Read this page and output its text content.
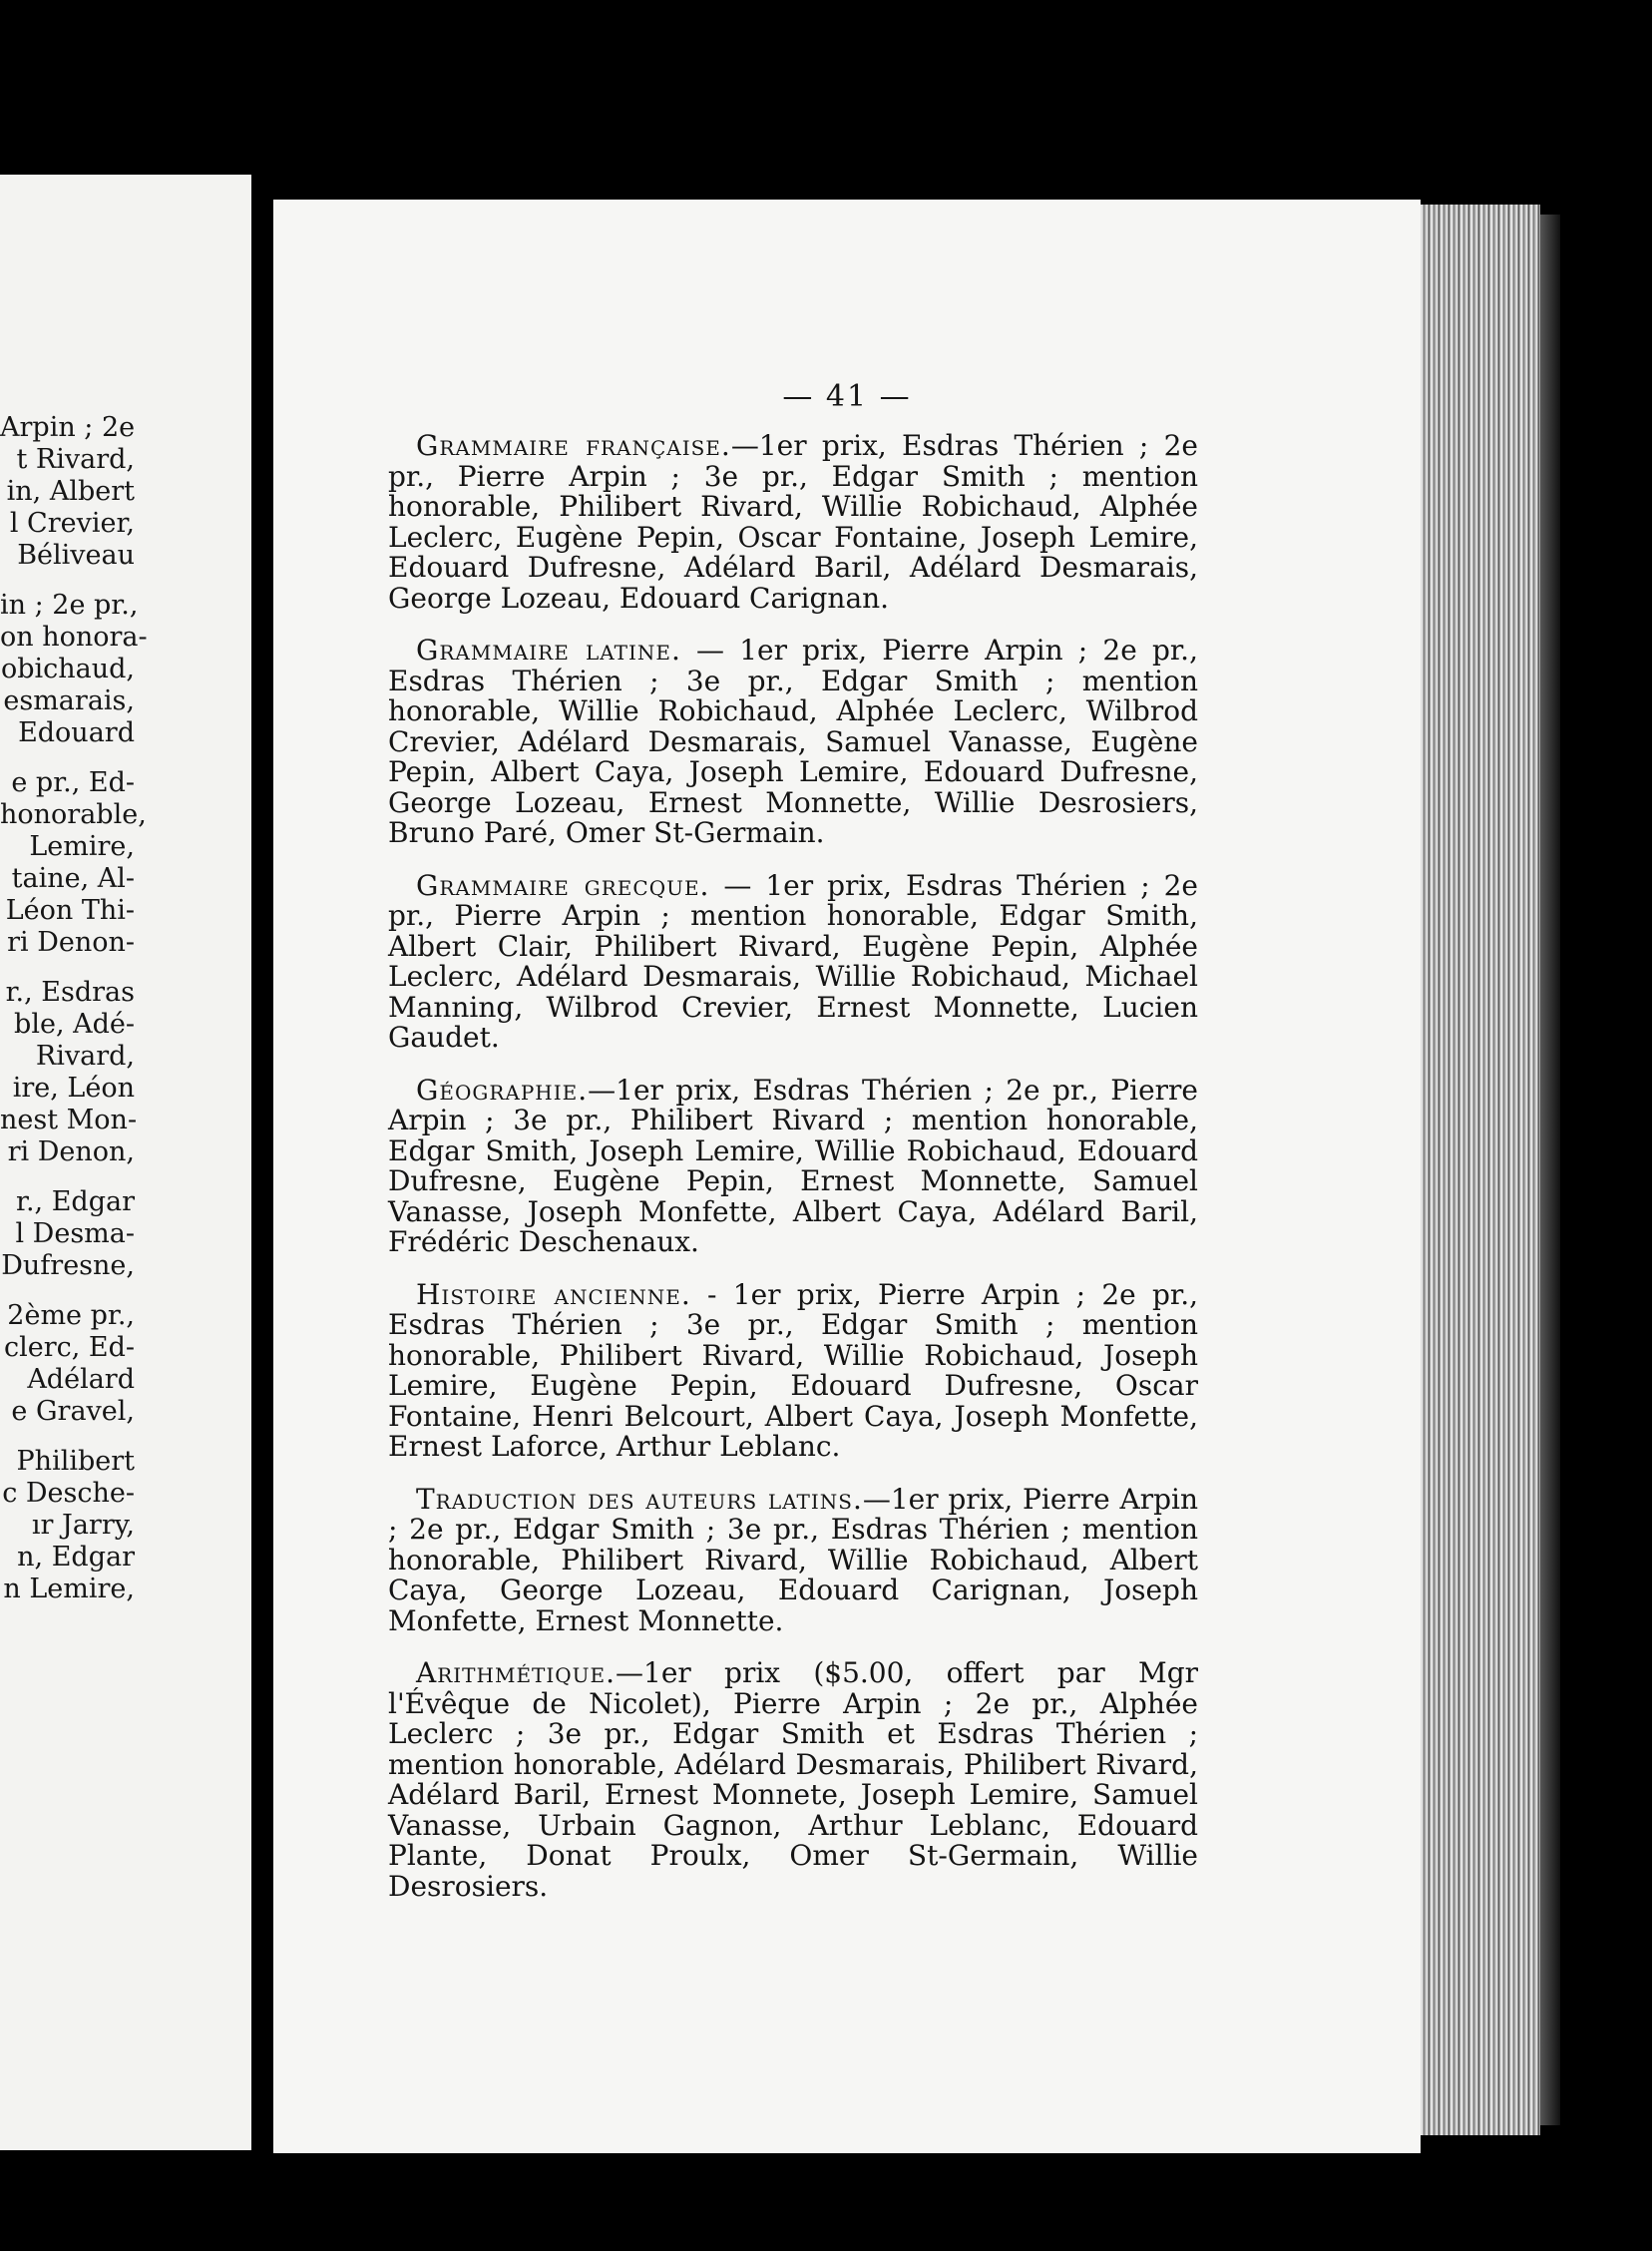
Arpin ; 2e
t Rivard,
in, Albert
l Crevier,
Béliveau
in ; 2e pr.,
on honora-
obichaud,
esmarais,
Edouard
e pr., Ed-
honorable,
Lemire,
taine, Al-
Léon Thi-
ri Denon-
r., Esdras
ble, Adé-
Rivard,
ire, Léon
nest Mon-
ri Denon,
r., Edgar
l Desma-
Dufresne,
2ème pr.,
clerc, Ed-
Adélard
e Gravel,
Philibert
c Desche-
ır Jarry,
n, Edgar
n Lemire,
— 41 —

Grammaire française.—1er prix, Esdras Thérien ; 2e pr., Pierre Arpin ; 3e pr., Edgar Smith ; mention honorable, Philibert Rivard, Willie Robichaud, Alphée Leclerc, Eugène Pepin, Oscar Fontaine, Joseph Lemire, Edouard Dufresne, Adélard Baril, Adélard Desmarais, George Lozeau, Edouard Carignan.

Grammaire latine. — 1er prix, Pierre Arpin ; 2e pr., Esdras Thérien ; 3e pr., Edgar Smith ; mention honorable, Willie Robichaud, Alphée Leclerc, Wilbrod Crevier, Adélard Desmarais, Samuel Vanasse, Eugène Pepin, Albert Caya, Joseph Lemire, Edouard Dufresne, George Lozeau, Ernest Monnette, Willie Desrosiers, Bruno Paré, Omer St-Germain.

Grammaire grecque. — 1er prix, Esdras Thérien ; 2e pr., Pierre Arpin ; mention honorable, Edgar Smith, Albert Clair, Philibert Rivard, Eugène Pepin, Alphée Leclerc, Adélard Desmarais, Willie Robichaud, Michael Manning, Wilbrod Crevier, Ernest Monnette, Lucien Gaudet.

Géographie.—1er prix, Esdras Thérien ; 2e pr., Pierre Arpin ; 3e pr., Philibert Rivard ; mention honorable, Edgar Smith, Joseph Lemire, Willie Robichaud, Edouard Dufresne, Eugène Pepin, Ernest Monnette, Samuel Vanasse, Joseph Monfette, Albert Caya, Adélard Baril, Frédéric Deschenaux.

Histoire ancienne. - 1er prix, Pierre Arpin ; 2e pr., Esdras Thérien ; 3e pr., Edgar Smith ; mention honorable, Philibert Rivard, Willie Robichaud, Joseph Lemire, Eugène Pepin, Edouard Dufresne, Oscar Fontaine, Henri Belcourt, Albert Caya, Joseph Monfette, Ernest Laforce, Arthur Leblanc.

Traduction des auteurs latins.—1er prix, Pierre Arpin ; 2e pr., Edgar Smith ; 3e pr., Esdras Thérien ; mention honorable, Philibert Rivard, Willie Robichaud, Albert Caya, George Lozeau, Edouard Carignan, Joseph Monfette, Ernest Monnette.

Arithmétique.—1er prix ($5.00, offert par Mgr l'Évêque de Nicolet), Pierre Arpin ; 2e pr., Alphée Leclerc ; 3e pr., Edgar Smith et Esdras Thérien ; mention honorable, Adélard Desmarais, Philibert Rivard, Adélard Baril, Ernest Monnete, Joseph Lemire, Samuel Vanasse, Urbain Gagnon, Arthur Leblanc, Edouard Plante, Donat Proulx, Omer St-Germain, Willie Desrosiers.
